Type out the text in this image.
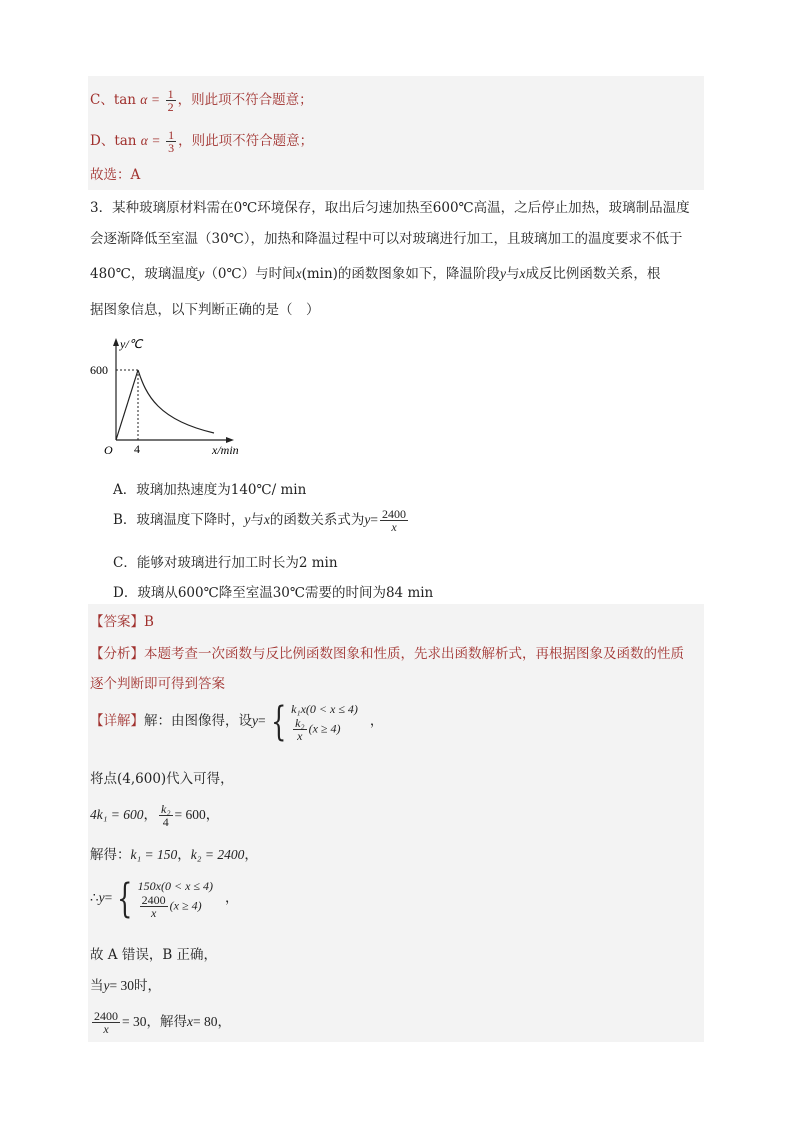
C、$\tan \alpha = \frac{1}{2}$ ，则此项不符合题意；
D、$\tan \alpha = \frac{1}{3}$ ，则此项不符合题意；
故选：A
3．某种玻璃原材料需在0℃环境保存，取出后匀速加热至600℃高温，之后停止加热，玻璃制品温度
会逐渐降低至室温（30℃），加热和降温过程中可以对玻璃进行加工，且玻璃加工的温度要求不低于
480℃，玻璃温度y（0℃）与时间x(min)的函数图象如下，降温阶段y与x成反比例函数关系，根
据图象信息，以下判断正确的是（　）
y/℃
600
4
O	x/min
A．玻璃加热速度为140℃/ min
B．玻璃温度下降时，y与x的函数关系式为$y= \frac{2400}{x}$
C．能够对玻璃进行加工时长为2 min
D．玻璃从600℃降至室温30℃需要的时间为84 min
【答案】B
【分析】本题考查一次函数与反比例函数图象和性质，先求出函数解析式，再根据图象及函数的性质
逐个判断即可得到答案
【详解】解：由图像得，设y= { k₁x(0 < x ≤ 4)
$\frac{\text{k₂}}{x} (x \ge 4)$	，
将点(4,600)代入可得，
4k₁ = 600， $\frac{\text{k₂}}{4} = 600$，
解得：k₁ = 150，k₂ = 2400，
∴y= { 150x(0 < x ≤ 4)
$\frac{2400}{x} (x \ge 4)$	，
故 A 错误，B 正确，
当y= 30时，
$\frac{2400}{x} = 30$，解得x= 80，
